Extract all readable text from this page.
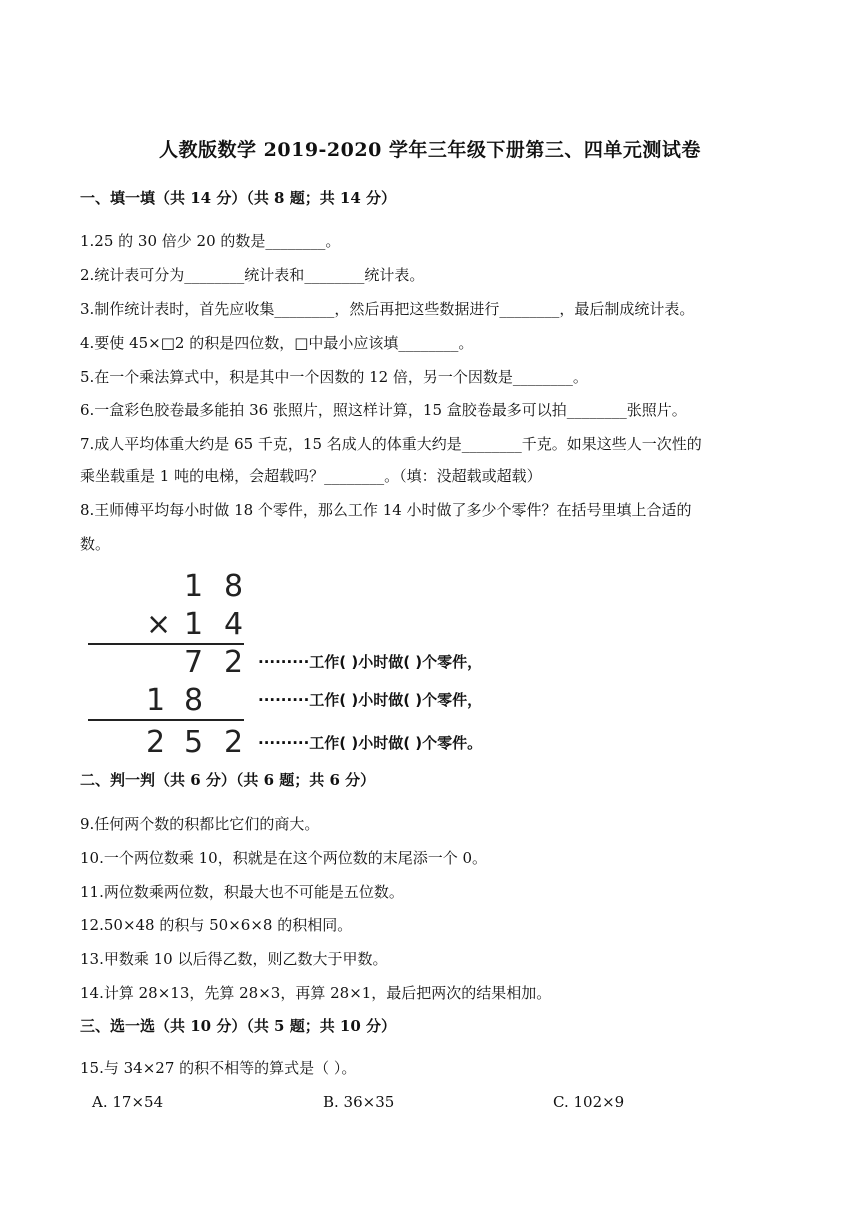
人教版数学 2019-2020 学年三年级下册第三、四单元测试卷
一、填一填（共 14 分）（共 8 题；共 14 分）
1.25 的 30 倍少 20 的数是________。
2.统计表可分为________统计表和________统计表。
3.制作统计表时，首先应收集________，然后再把这些数据进行________，最后制成统计表。
4.要使 45×□2 的积是四位数，□中最小应该填________。
5.在一个乘法算式中，积是其中一个因数的 12 倍，另一个因数是________。
6.一盒彩色胶卷最多能拍 36 张照片，照这样计算，15 盒胶卷最多可以拍________张照片。
7.成人平均体重大约是 65 千克，15 名成人的体重大约是________千克。如果这些人一次性的
乘坐载重是 1 吨的电梯，会超载吗？________。（填：没超载或超载）
8.王师傅平均每小时做 18 个零件，那么工作 14 小时做了多少个零件？在括号里填上合适的
数。
1 8
× 1 4
7 2 ·········工作( )小时做( )个零件，
1 8	·········工作( )小时做( )个零件，
2 5 2 ·········工作( )小时做( )个零件。
二、判一判（共 6 分）（共 6 题；共 6 分）
9.任何两个数的积都比它们的商大。
10.一个两位数乘 10，积就是在这个两位数的末尾添一个 0。
11.两位数乘两位数，积最大也不可能是五位数。
12.50×48 的积与 50×6×8 的积相同。
13.甲数乘 10 以后得乙数，则乙数大于甲数。
14.计算 28×13，先算 28×3，再算 28×1，最后把两次的结果相加。
三、选一选（共 10 分）（共 5 题；共 10 分）
15.与 34×27 的积不相等的算式是（ ）。
A. 17×54	B. 36×35	C. 102×9
